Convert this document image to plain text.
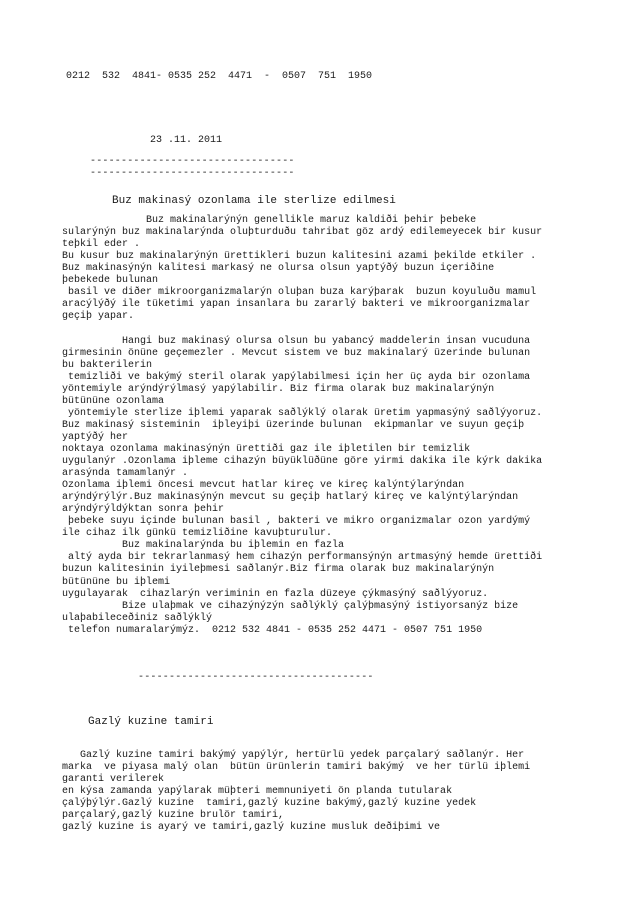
0212  532  4841- 0535 252  4471  -  0507  751  1950
23 .11. 2011
---------------------------------
---------------------------------
Buz makinasý ozonlama ile sterlize edilmesi
Buz makinalarýnýn genellikle maruz kaldiði þehir þebeke
sularýnýn buz makinalarýnda oluþturduðu tahribat göz ardý edilemeyecek bir kusur
teþkil eder .
Bu kusur buz makinalarýnýn ürettikleri buzun kalitesini azami þekilde etkiler .
Buz makinasýnýn kalitesi markasý ne olursa olsun yaptýðý buzun içeriðine
þebekede bulunan
basil ve diðer mikroorganizmalarýn oluþan buza karýþarak  buzun koyuluðu mamul
aracýlýðý ile tüketimi yapan insanlara bu zararlý bakteri ve mikroorganizmalar
geçiþ yapar.
Hangi buz makinasý olursa olsun bu yabancý maddelerin insan vucuduna
girmesinin önüne geçemezler . Mevcut sistem ve buz makinalarý üzerinde bulunan
bu bakterilerin
temizliði ve bakýmý steril olarak yapýlabilmesi için her üç ayda bir ozonlama
yöntemiyle arýndýrýlmasý yapýlabilir. Biz firma olarak buz makinalarýnýn
bütününe ozonlama
yöntemiyle sterlize iþlemi yaparak saðlýklý olarak üretim yapmasýný saðlýyoruz.
Buz makinasý sisteminin  iþleyiþi üzerinde bulunan  ekipmanlar ve suyun geçiþ
yaptýðý her
noktaya ozonlama makinasýnýn ürettiði gaz ile iþletilen bir temizlik
uygulanýr .Ozonlama iþleme cihazýn büyüklüðüne göre yirmi dakika ile kýrk dakika
arasýnda tamamlanýr .
Ozonlama iþlemi öncesi mevcut hatlar kireç ve kireç kalýntýlarýndan
arýndýrýlýr.Buz makinasýnýn mevcut su geçiþ hatlarý kireç ve kalýntýlarýndan
arýndýrýldýktan sonra þehir
þebeke suyu içinde bulunan basil , bakteri ve mikro organizmalar ozon yardýmý
ile cihaz ilk günkü temizliðine kavuþturulur.
Buz makinalarýnda bu iþlemin en fazla
altý ayda bir tekrarlanmasý hem cihazýn performansýnýn artmasýný hemde ürettiði
buzun kalitesinin iyileþmesi saðlanýr.Biz firma olarak buz makinalarýnýn
bütününe bu iþlemi
uygulayarak  cihazlarýn veriminin en fazla düzeye çýkmasýný saðlýyoruz.
Bize ulaþmak ve cihazýnýzýn saðlýklý çalýþmasýný istiyorsanýz bize
ulaþabileceðiniz saðlýklý
telefon numaralarýmýz.  0212 532 4841 - 0535 252 4471 - 0507 751 1950
--------------------------------------
Gazlý kuzine tamiri
Gazlý kuzine tamiri bakýmý yapýlýr, hertürlü yedek parçalarý saðlanýr. Her
marka  ve piyasa malý olan  bütün ürünlerin tamiri bakýmý  ve her türlü iþlemi
garanti verilerek
en kýsa zamanda yapýlarak müþteri memnuniyeti ön planda tutularak
çalýþýlýr.Gazlý kuzine  tamiri,gazlý kuzine bakýmý,gazlý kuzine yedek
parçalarý,gazlý kuzine brulör tamiri,
gazlý kuzine is ayarý ve tamiri,gazlý kuzine musluk deðiþimi ve
